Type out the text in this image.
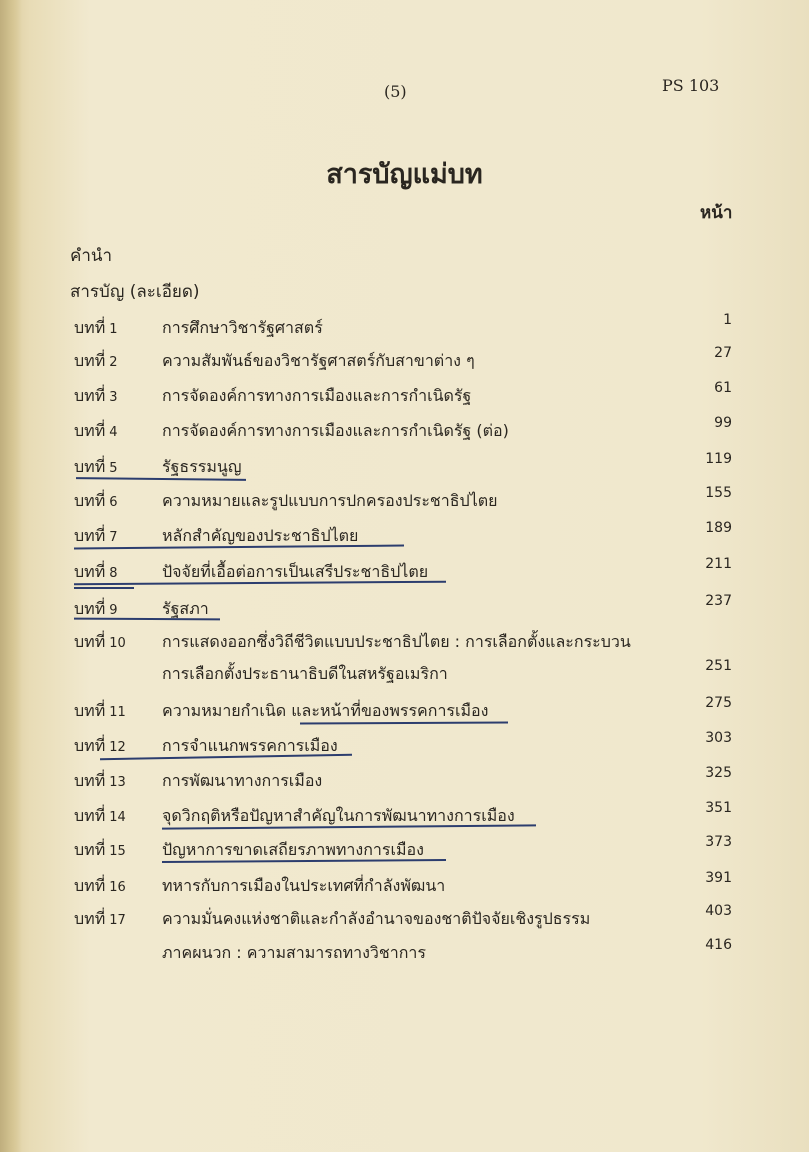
(5)	PS 103
สารบัญแม่บท
หน้า
คำนำ
สารบัญ (ละเอียด)
บทที่ 1	การศึกษาวิชารัฐศาสตร์	1
บทที่ 2	ความสัมพันธ์ของวิชารัฐศาสตร์กับสาขาต่าง ๆ	27
บทที่ 3	การจัดองค์การทางการเมืองและการกำเนิดรัฐ	61
บทที่ 4	การจัดองค์การทางการเมืองและการกำเนิดรัฐ (ต่อ)	99
บทที่ 5	รัฐธรรมนูญ	119
บทที่ 6	ความหมายและรูปแบบการปกครองประชาธิปไตย	155
บทที่ 7	หลักสำคัญของประชาธิปไตย	189
บทที่ 8	ปัจจัยที่เอื้อต่อการเป็นเสรีประชาธิปไตย	211
บทที่ 9	รัฐสภา	237
บทที่ 10 การแสดงออกซึ่งวิถีชีวิตแบบประชาธิปไตย : การเลือกตั้งและกระบวน
การเลือกตั้งประธานาธิบดีในสหรัฐอเมริกา	251
บทที่ 11 ความหมายกำเนิด และหน้าที่ของพรรคการเมือง	275
บทที่ 12 การจำแนกพรรคการเมือง	303
บทที่ 13 การพัฒนาทางการเมือง	325
บทที่ 14 จุดวิกฤติหรือปัญหาสำคัญในการพัฒนาทางการเมือง	351
บทที่ 15 ปัญหาการขาดเสถียรภาพทางการเมือง	373
บทที่ 16 ทหารกับการเมืองในประเทศที่กำลังพัฒนา	391
บทที่ 17 ความมั่นคงแห่งชาติและกำลังอำนาจของชาติปัจจัยเชิงรูปธรรม	403
ภาคผนวก : ความสามารถทางวิชาการ	416
